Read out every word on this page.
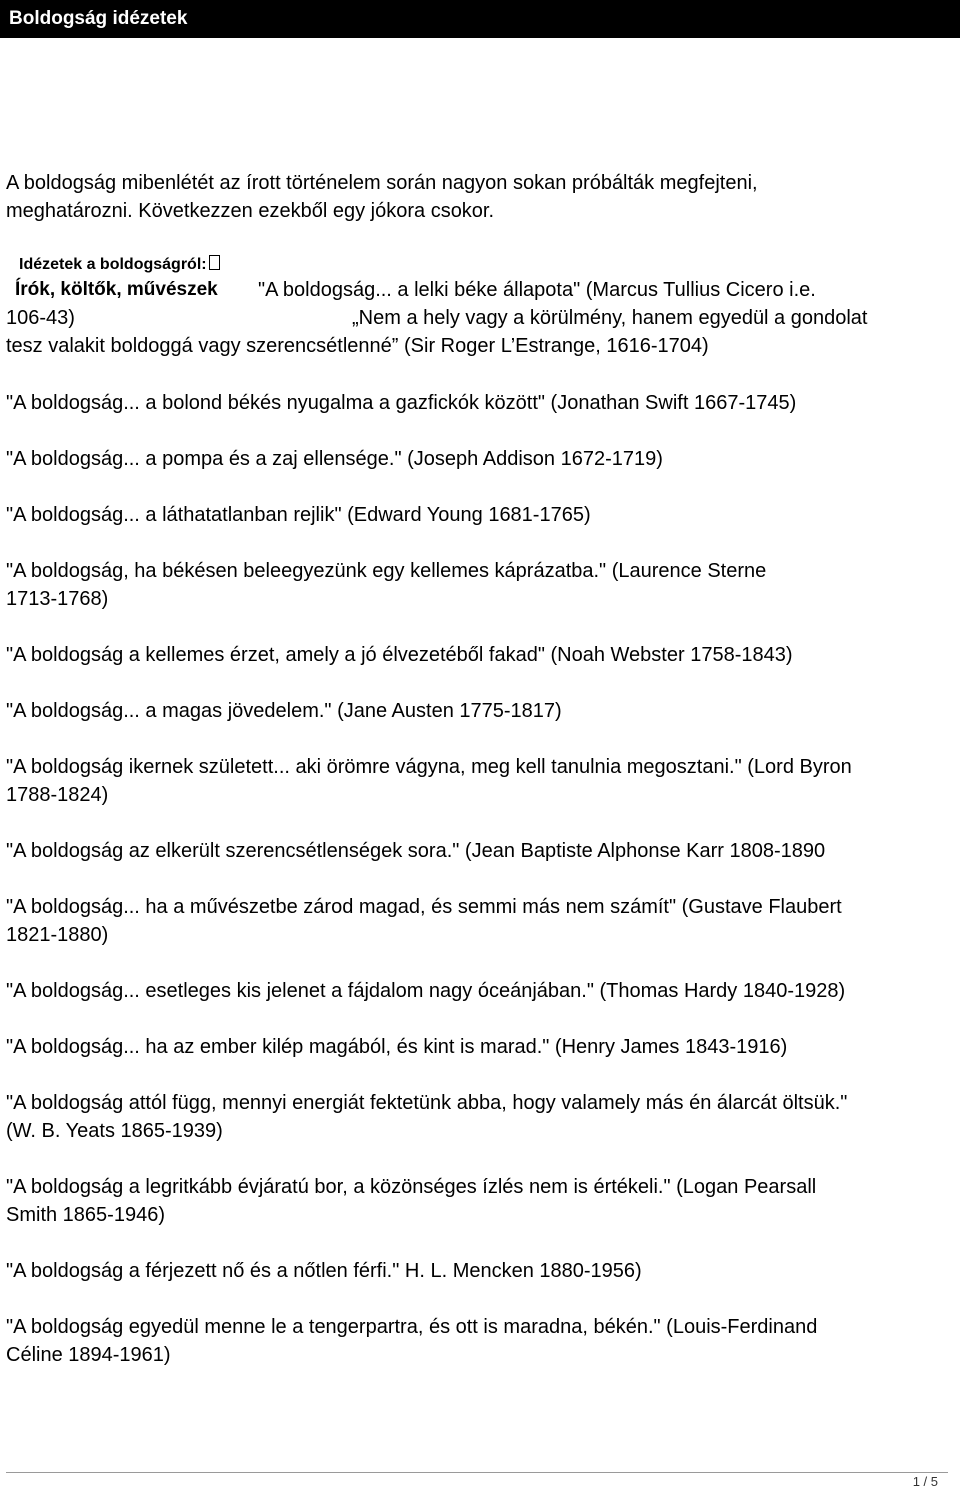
Boldogság idézetek
A boldogság mibenlétét az írott történelem során nagyon sokan próbálták megfejteni,
meghatározni. Következzen ezekből egy jókora csokor.
Idézetek a boldogságról:
Írók, költők, művészek "A boldogság... a lelki béke állapota" (Marcus Tullius Cicero i.e.
106-43)	„Nem a hely vagy a körülmény, hanem egyedül a gondolat
tesz valakit boldoggá vagy szerencsétlenné” (Sir Roger L’Estrange, 1616-1704)
"A boldogság... a bolond békés nyugalma a gazfickók között" (Jonathan Swift 1667-1745)
"A boldogság... a pompa és a zaj ellensége." (Joseph Addison 1672-1719)
"A boldogság... a láthatatlanban rejlik" (Edward Young 1681-1765)
"A boldogság, ha békésen beleegyezünk egy kellemes káprázatba." (Laurence Sterne
1713-1768)
"A boldogság a kellemes érzet, amely a jó élvezetéből fakad" (Noah Webster 1758-1843)
"A boldogság... a magas jövedelem." (Jane Austen 1775-1817)
"A boldogság ikernek született... aki örömre vágyna, meg kell tanulnia megosztani." (Lord Byron
1788-1824)
"A boldogság az elkerült szerencsétlenségek sora." (Jean Baptiste Alphonse Karr 1808-1890
"A boldogság... ha a művészetbe zárod magad, és semmi más nem számít" (Gustave Flaubert
1821-1880)
"A boldogság... esetleges kis jelenet a fájdalom nagy óceánjában." (Thomas Hardy 1840-1928)
"A boldogság... ha az ember kilép magából, és kint is marad." (Henry James 1843-1916)
"A boldogság attól függ, mennyi energiát fektetünk abba, hogy valamely más én álarcát öltsük."
(W. B. Yeats 1865-1939)
"A boldogság a legritkább évjáratú bor, a közönséges ízlés nem is értékeli." (Logan Pearsall
Smith 1865-1946)
"A boldogság a férjezett nő és a nőtlen férfi." H. L. Mencken 1880-1956)
"A boldogság egyedül menne le a tengerpartra, és ott is maradna, békén." (Louis-Ferdinand
Céline 1894-1961)
1 / 5
